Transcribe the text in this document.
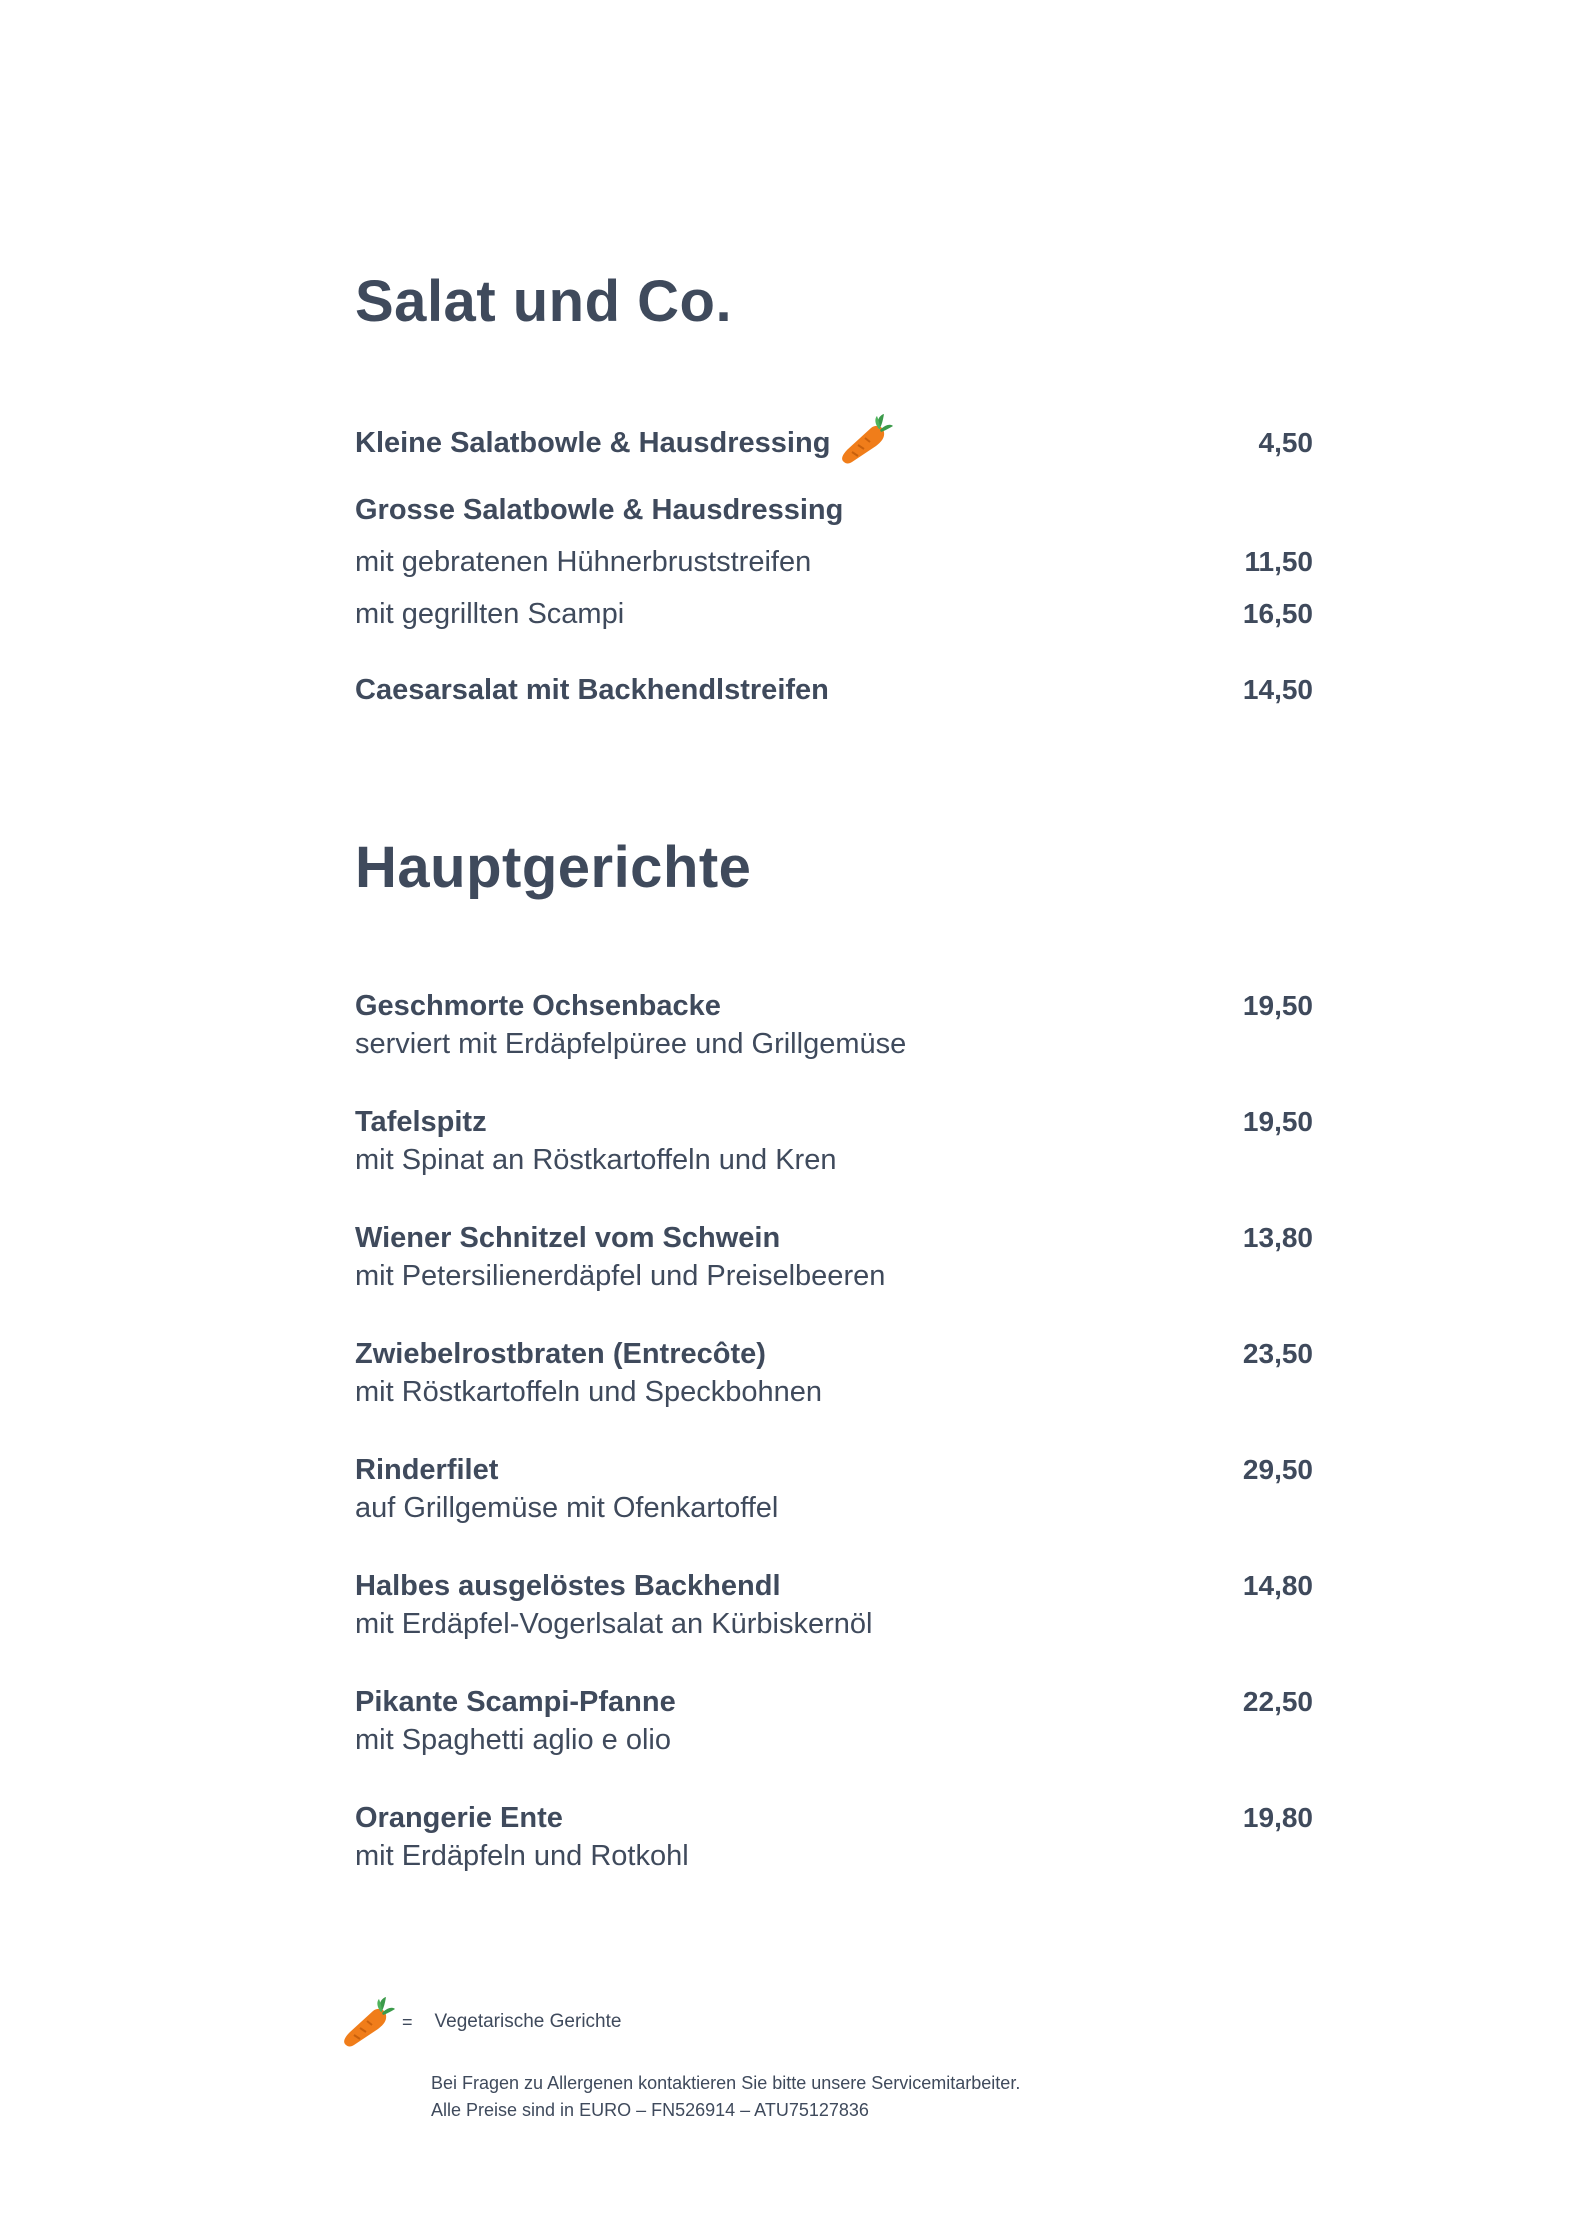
Salat und Co.
Kleine Salatbowle & Hausdressing	4,50
Grosse Salatbowle & Hausdressing
mit gebratenen Hühnerbruststreifen	11,50
mit gegrillten Scampi	16,50
Caesarsalat mit Backhendlstreifen	14,50
Hauptgerichte
Geschmorte Ochsenbacke	19,50
serviert mit Erdäpfelpüree und Grillgemüse
Tafelspitz	19,50
mit Spinat an Röstkartoffeln und Kren
Wiener Schnitzel vom Schwein	13,80
mit Petersilienerdäpfel und Preiselbeeren
Zwiebelrostbraten (Entrecôte)	23,50
mit Röstkartoffeln und Speckbohnen
Rinderfilet	29,50
auf Grillgemüse mit Ofenkartoffel
Halbes ausgelöstes Backhendl	14,80
mit Erdäpfel-Vogerlsalat an Kürbiskernöl
Pikante Scampi-Pfanne	22,50
mit Spaghetti aglio e olio
Orangerie Ente	19,80
mit Erdäpfeln und Rotkohl
= Vegetarische Gerichte
Bei Fragen zu Allergenen kontaktieren Sie bitte unsere Servicemitarbeiter.
Alle Preise sind in EURO – FN526914 – ATU75127836
